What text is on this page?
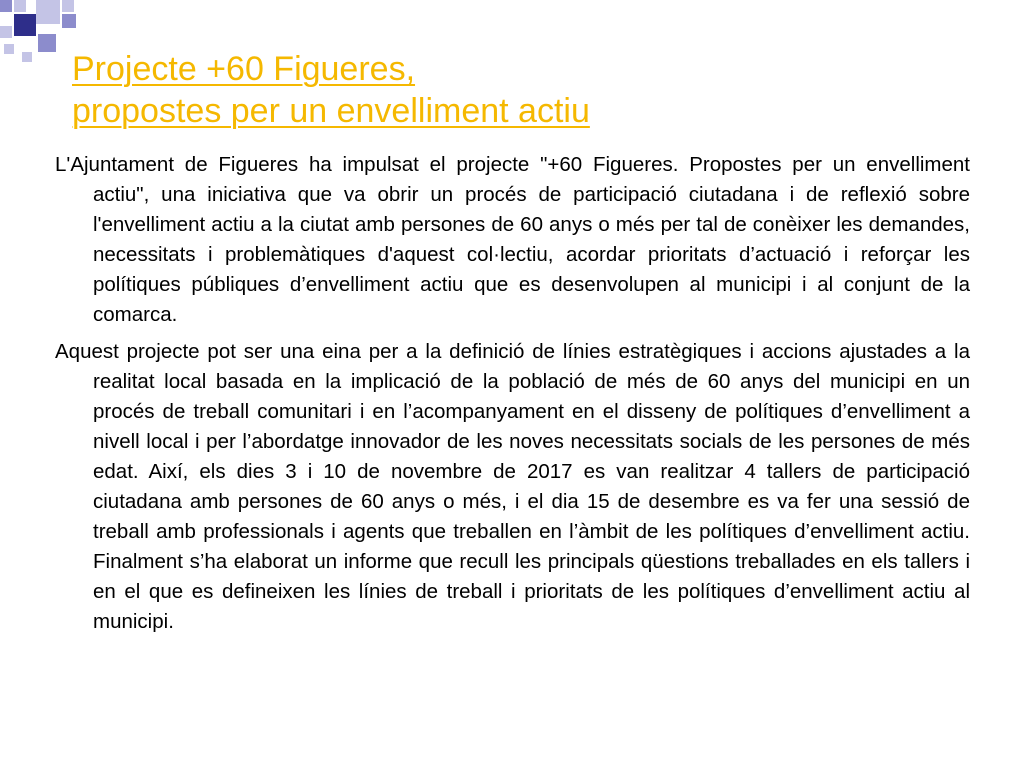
Projecte +60 Figueres,
propostes per un envelliment actiu

L'Ajuntament de Figueres ha impulsat el projecte "+60 Figueres. Propostes per un envelliment actiu", una iniciativa que va obrir un procés de participació ciutadana i de reflexió sobre l'envelliment actiu a la ciutat amb persones de 60 anys o més per tal de conèixer les demandes, necessitats i problemàtiques d'aquest col·lectiu, acordar prioritats d’actuació i reforçar les polítiques públiques d’envelliment actiu que es desenvolupen al municipi i al conjunt de la comarca.

Aquest projecte pot ser una eina per a la definició de línies estratègiques i accions ajustades a la realitat local basada en la implicació de la població de més de 60 anys del municipi en un procés de treball comunitari i en l’acompanyament en el disseny de polítiques d’envelliment a nivell local i per l’abordatge innovador de les noves necessitats socials de les persones de més edat. Així, els dies 3 i 10 de novembre de 2017 es van realitzar 4 tallers de participació ciutadana amb persones de 60 anys o més, i el dia 15 de desembre es va fer una sessió de treball amb professionals i agents que treballen en l’àmbit de les polítiques d’envelliment actiu. Finalment s’ha elaborat un informe que recull les principals qüestions treballades en els tallers i en el que es defineixen les línies de treball i prioritats de les polítiques d’envelliment actiu al municipi.
